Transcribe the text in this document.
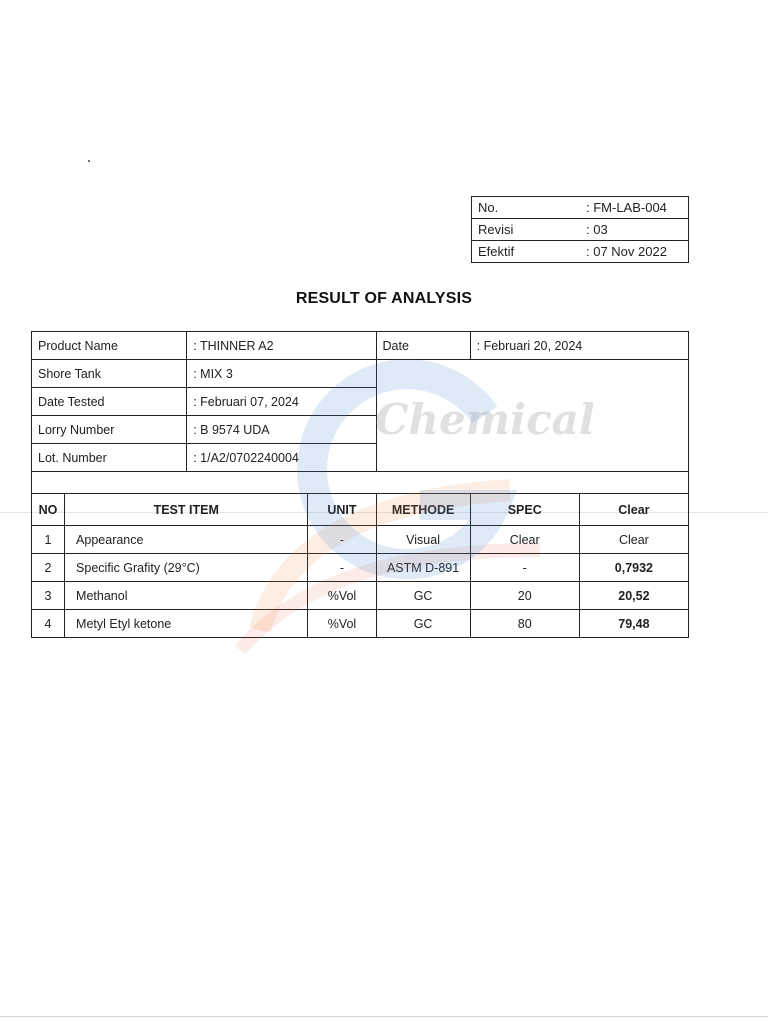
No.	: FM-LAB-004
Revisi	: 03
Efektif	: 07 Nov 2022
RESULT OF ANALYSIS
Product Name		: THINNER A2		Date	: Februari 20, 2024	
Shore Tank		: MIX 3				
Date Tested		: Februari 07, 2024				
Lorry Number		: B 9574 UDA				
Lot. Number		: 1/A2/0702240004				

NO	TEST ITEM		UNIT	METHODE	SPEC	Clear
1	Appearance		-	Visual	Clear	Clear
2	Specific Grafity (29°C)		-	ASTM D-891	-	0,7932
3	Methanol		%Vol	GC	20	20,52
4	Metyl Etyl ketone		%Vol	GC	80	79,48
Chemical
